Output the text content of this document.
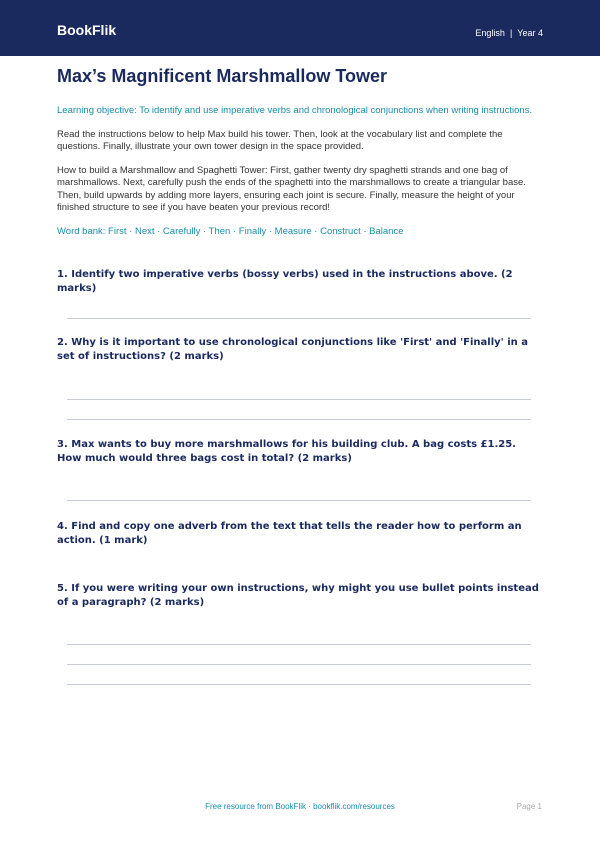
BookFlik	English | Year 4
Max’s Magnificent Marshmallow Tower
Learning objective: To identify and use imperative verbs and chronological conjunctions when writing instructions.
Read the instructions below to help Max build his tower. Then, look at the vocabulary list and complete the questions. Finally, illustrate your own tower design in the space provided.
How to build a Marshmallow and Spaghetti Tower: First, gather twenty dry spaghetti strands and one bag of marshmallows. Next, carefully push the ends of the spaghetti into the marshmallows to create a triangular base. Then, build upwards by adding more layers, ensuring each joint is secure. Finally, measure the height of your finished structure to see if you have beaten your previous record!
Word bank: First · Next · Carefully · Then · Finally · Measure · Construct · Balance
1. Identify two imperative verbs (bossy verbs) used in the instructions above. (2 marks)
2. Why is it important to use chronological conjunctions like 'First' and 'Finally' in a set of instructions? (2 marks)
3. Max wants to buy more marshmallows for his building club. A bag costs £1.25. How much would three bags cost in total? (2 marks)
4. Find and copy one adverb from the text that tells the reader how to perform an action. (1 mark)
5. If you were writing your own instructions, why might you use bullet points instead of a paragraph? (2 marks)
Free resource from BookFlik · bookflik.com/resources	Page 1
